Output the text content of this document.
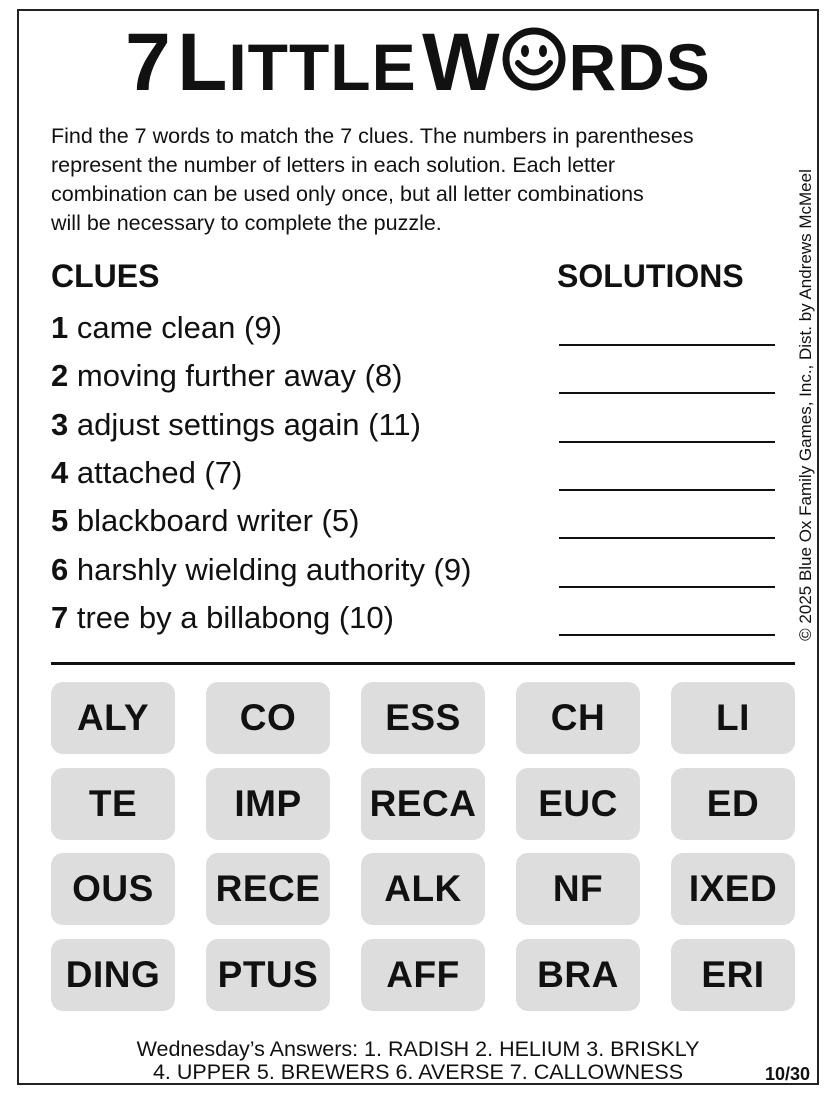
7 LITTLE W RDS
Find the 7 words to match the 7 clues. The numbers in parentheses
represent the number of letters in each solution. Each letter
combination can be used only once, but all letter combinations
will be necessary to complete the puzzle.	© 2025 Blue Ox Family Games, Inc., Dist. by Andrews McMeel
CLUES	SOLUTIONS
1 came clean (9)
2 moving further away (8)
3 adjust settings again (11)
4 attached (7)
5 blackboard writer (5)
6 harshly wielding authority (9)
7 tree by a billabong (10)
ALY	CO	ESS	CH	LI
TE	IMP	RECA	EUC	ED
OUS	RECE	ALK	NF	IXED
DING	PTUS	AFF	BRA	ERI
Wednesday’s Answers: 1. RADISH 2. HELIUM 3. BRISKLY
4. UPPER 5. BREWERS 6. AVERSE 7. CALLOWNESS	10/30
